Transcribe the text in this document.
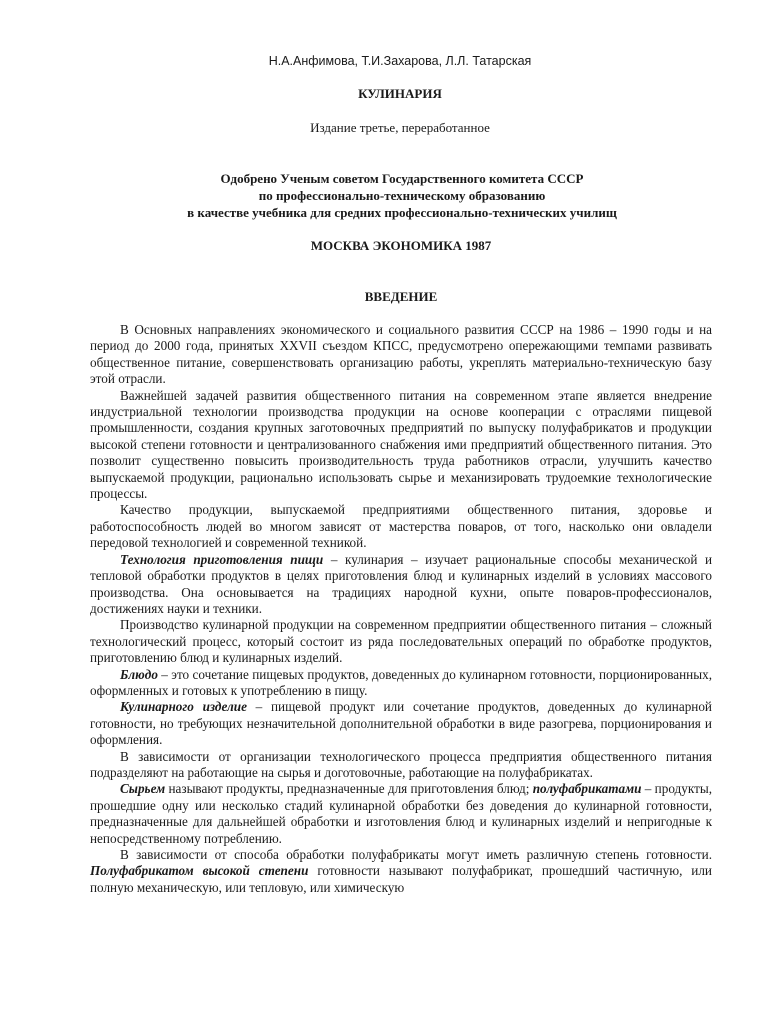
Н.А.Анфимова, Т.И.Захарова, Л.Л. Татарская
КУЛИНАРИЯ
Издание третье, переработанное
Одобрено Ученым советом Государственного комитета СССР
по профессионально-техническому образованию
в качестве учебника для средних профессионально-технических училищ
МОСКВА ЭКОНОМИКА 1987
ВВЕДЕНИЕ

В Основных направлениях экономического и социального развития СССР на 1986 – 1990 годы и на период до 2000 года, принятых XXVII съездом КПСС, предусмотрено опережающими темпами развивать общественное питание, совершенствовать организацию работы, укреплять материально-техническую базу этой отрасли.

Важнейшей задачей развития общественного питания на современном этапе является внедрение индустриальной технологии производства продукции на основе кооперации с отраслями пищевой промышленности, создания крупных заготовочных предприятий по выпуску полуфабрикатов и продукции высокой степени готовности и централизованного снабжения ими предприятий общественного питания. Это позволит существенно повысить производительность труда работников отрасли, улучшить качество выпускаемой продукции, рационально использовать сырье и механизировать трудоемкие технологические процессы.

Качество продукции, выпускаемой предприятиями общественного питания, здоровье и работоспособность людей во многом зависят от мастерства поваров, от того, насколько они овладели передовой технологией и современной техникой.

Технология приготовления пищи – кулинария – изучает рациональные способы механической и тепловой обработки продуктов в целях приготовления блюд и кулинарных изделий в условиях массового производства. Она основывается на традициях народной кухни, опыте поваров-профессионалов, достижениях науки и техники.

Производство кулинарной продукции на современном предприятии общественного питания – сложный технологический процесс, который состоит из ряда последовательных операций по обработке продуктов, приготовлению блюд и кулинарных изделий.

Блюдо – это сочетание пищевых продуктов, доведенных до кулинарном готовности, порционированных, оформленных и готовых к употреблению в пищу.

Кулинарного изделие – пищевой продукт или сочетание продуктов, доведенных до кулинарной готовности, но требующих незначительной дополнительной обработки в виде разогрева, порционирования и оформления.

В зависимости от организации технологического процесса предприятия общественного питания подразделяют на работающие на сырья и доготовочные, работающие на полуфабрикатах.

Сырьем называют продукты, предназначенные для приготовления блюд; полуфабрикатами – продукты, прошедшие одну или несколько стадий кулинарной обработки без доведения до кулинарной готовности, предназначенные для дальнейшей обработки и изготовления блюд и кулинарных изделий и непригодные к непосредственному потреблению.

В зависимости от способа обработки полуфабрикаты могут иметь различную степень готовности. Полуфабрикатом высокой степени готовности называют полуфабрикат, прошедший частичную, или полную механическую, или тепловую, или химическую
